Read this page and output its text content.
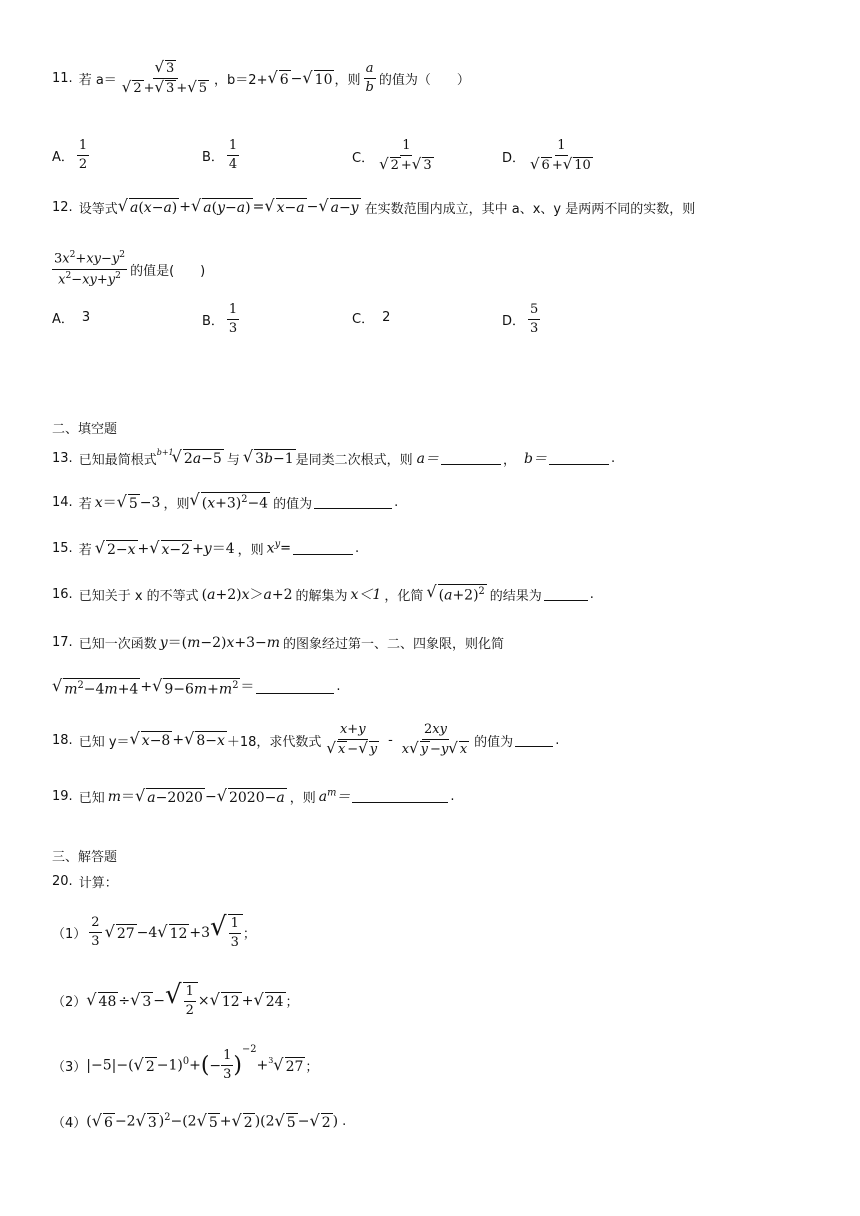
11. 若 $a= \frac{√ 3}{√ 2 + √ 3 + √ 5}$ ，b＝2+ √ 6 − √ 10 ，则 $\frac{a}{b}$ 的值为（　　）
A． $\frac{1}{2}$	B． $\frac{1}{4}$	C． $\frac{1}{√ 2 + √ 3}$	D． $\frac{1}{√ 6 + √ 10}$
12. 设等式 √ a(x−a) + √ a(y−a) = √ x−a − √ a−y 在实数范围内成立，其中 a、x、y 是两两不同的实数，则
$\frac{3x^2+xy-y^2}{x^2-xy+y^2}$ 的值是(　　)
A． 3	B． $\frac{1}{3}$	C． 2	D． $\frac{5}{3}$
二、填空题
13. 已知最简根式
$^{b+1}$
√ 2a−5 与 √ 3b−1 是同类二次根式，则 a＝	， b＝	.
14. 若 x＝ √ 5 −3 ，则 √ $(x+3)^2-4$ 的值为	.
15. 若 √ 2−x + √ x−2 +y＝4 ，则 $x^y$ =	.
16. 已知关于 x 的不等式 (a+2)x＞a+2 的解集为 x＜1 ，化简 √ $(a+2)^2$ 的结果为	.
17. 已知一次函数 y＝(m−2)x+3−m 的图象经过第一、二、四象限，则化简
√ $m^2-4m+4$ + √ $9-6m+m^2$ ＝	.
18. 已知 y＝ √ x−8 + √ 8−x ＋18，求代数式 $\frac{x+y}{√ x - √ y} - \frac{2xy}{x √ y -y √ x}$ 的值为	.
19. 已知 m＝ √ a−2020 − √ 2020−a ，则 $a^m=$	.
三、解答题
20. 计算：
$(1) \frac{2}{3}$ √ 27 −4 √ 12 +3 √ $\frac{1}{3}$ ；
（2） √ 48 ÷ √ 3 − √ $\frac{1}{2}$ × √ 12 + √ 24 ；
（3） |−5|−( √ 2 −1)$^0$+ ( − $\frac{1}{3}$ )
$^{-2}$+$^3$ √ 27 ；
（4） ( √ 6 −2 √ 3 )$^2$−(2 √ 5 + √ 2 )(2 √ 5 − √ 2 ) .
